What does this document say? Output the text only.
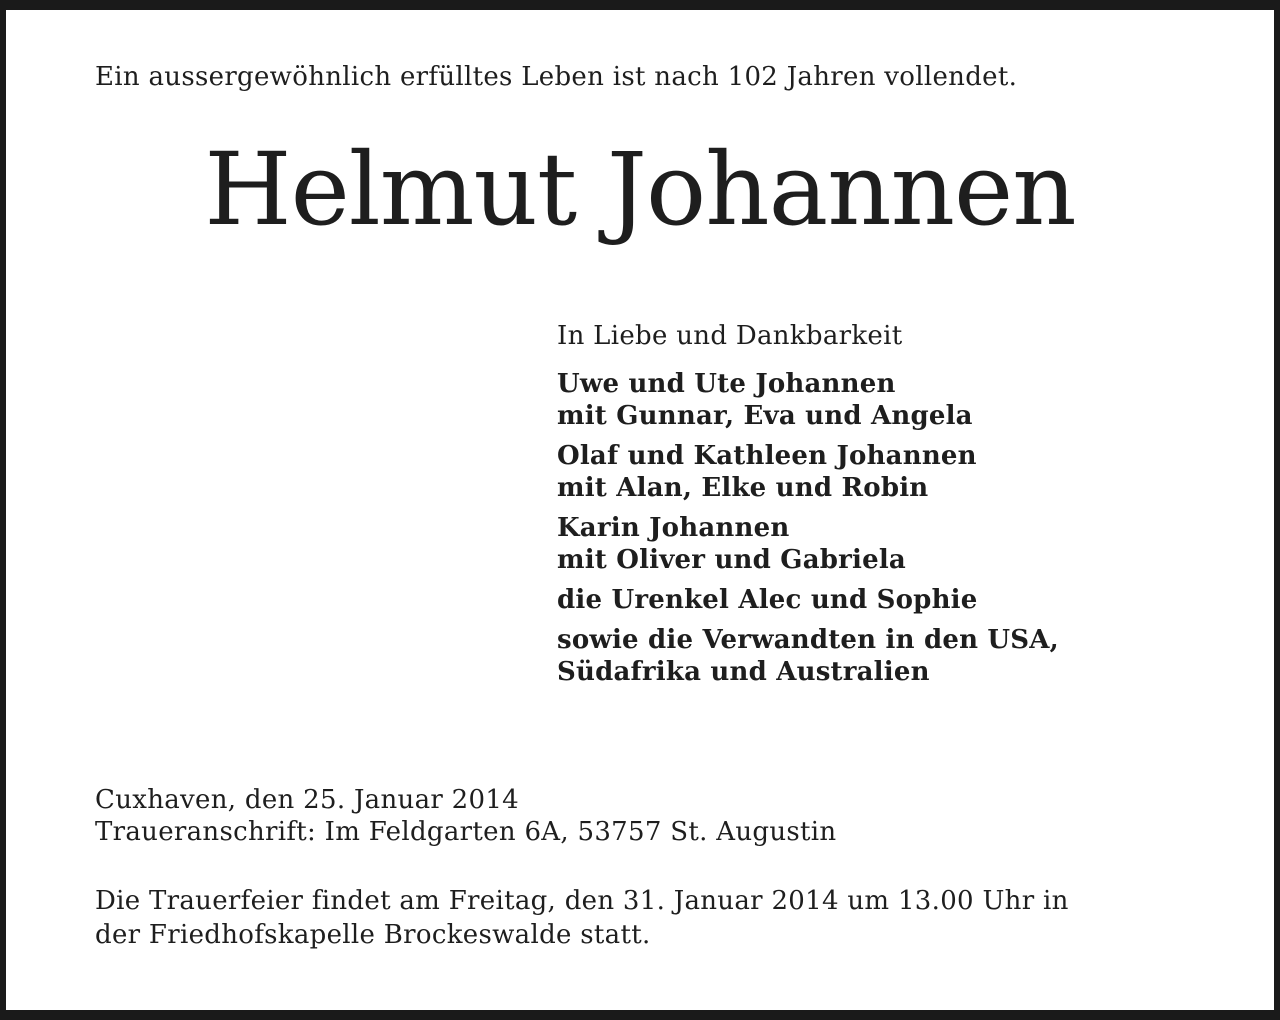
Ein aussergewöhnlich erfülltes Leben ist nach 102 Jahren vollendet.

Helmut Johannen

In Liebe und Dankbarkeit

Uwe und Ute Johannen
mit Gunnar, Eva und Angela
Olaf und Kathleen Johannen
mit Alan, Elke und Robin
Karin Johannen
mit Oliver und Gabriela
die Urenkel Alec und Sophie
sowie die Verwandten in den USA,
Südafrika und Australien
Cuxhaven, den 25. Januar 2014
Traueranschrift: Im Feldgarten 6A, 53757 St. Augustin
Die Trauerfeier findet am Freitag, den 31. Januar 2014 um 13.00 Uhr in
der Friedhofskapelle Brockeswalde statt.
